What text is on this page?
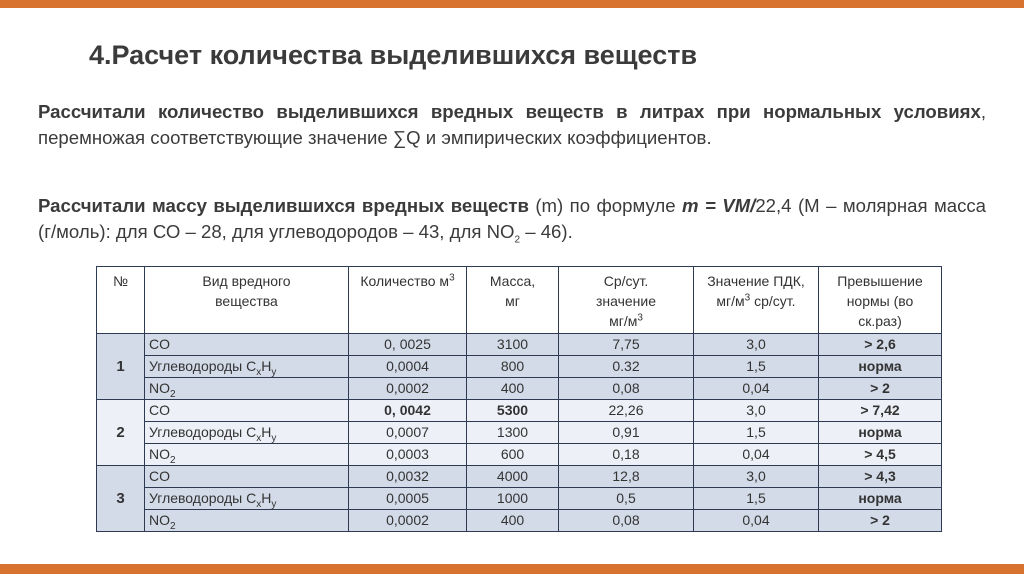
4.Расчет количества выделившихся веществ
Рассчитали количество выделившихся вредных веществ в литрах при нормальных условиях, перемножая соответствующие значение ∑Q и эмпирических коэффициентов.
Рассчитали массу выделившихся вредных веществ (m) по формуле m = VM/22,4 (М – молярная масса (г/моль): для СО – 28, для углеводородов – 43, для $NO_2 - 46$).
№	Вид вредного вещества	Количество $м^3$	Масса, мг	Ср/сут. значение $мг/м^3$	Значение ПДК, $мг/м^3$ ср/сут.	Превышение нормы (во ск.раз)

1	CO	0, 0025	3100	7,75	3,0	> 2,6
	Углеводороды $C_xH_y$	0,0004	800	0.32	1,5	норма
	$NO_2$	0,0002	400	0,08	0,04	> 2
2	CO	0, 0042	5300	22,26	3,0	> 7,42
	Углеводороды $C_xH_y$	0,0007	1300	0,91	1,5	норма
	$NO_2$	0,0003	600	0,18	0,04	> 4,5
3	CO	0,0032	4000	12,8	3,0	> 4,3
	Углеводороды $C_xH_y$	0,0005	1000	0,5	1,5	норма
	$NO_2$	0,0002	400	0,08	0,04	> 2
